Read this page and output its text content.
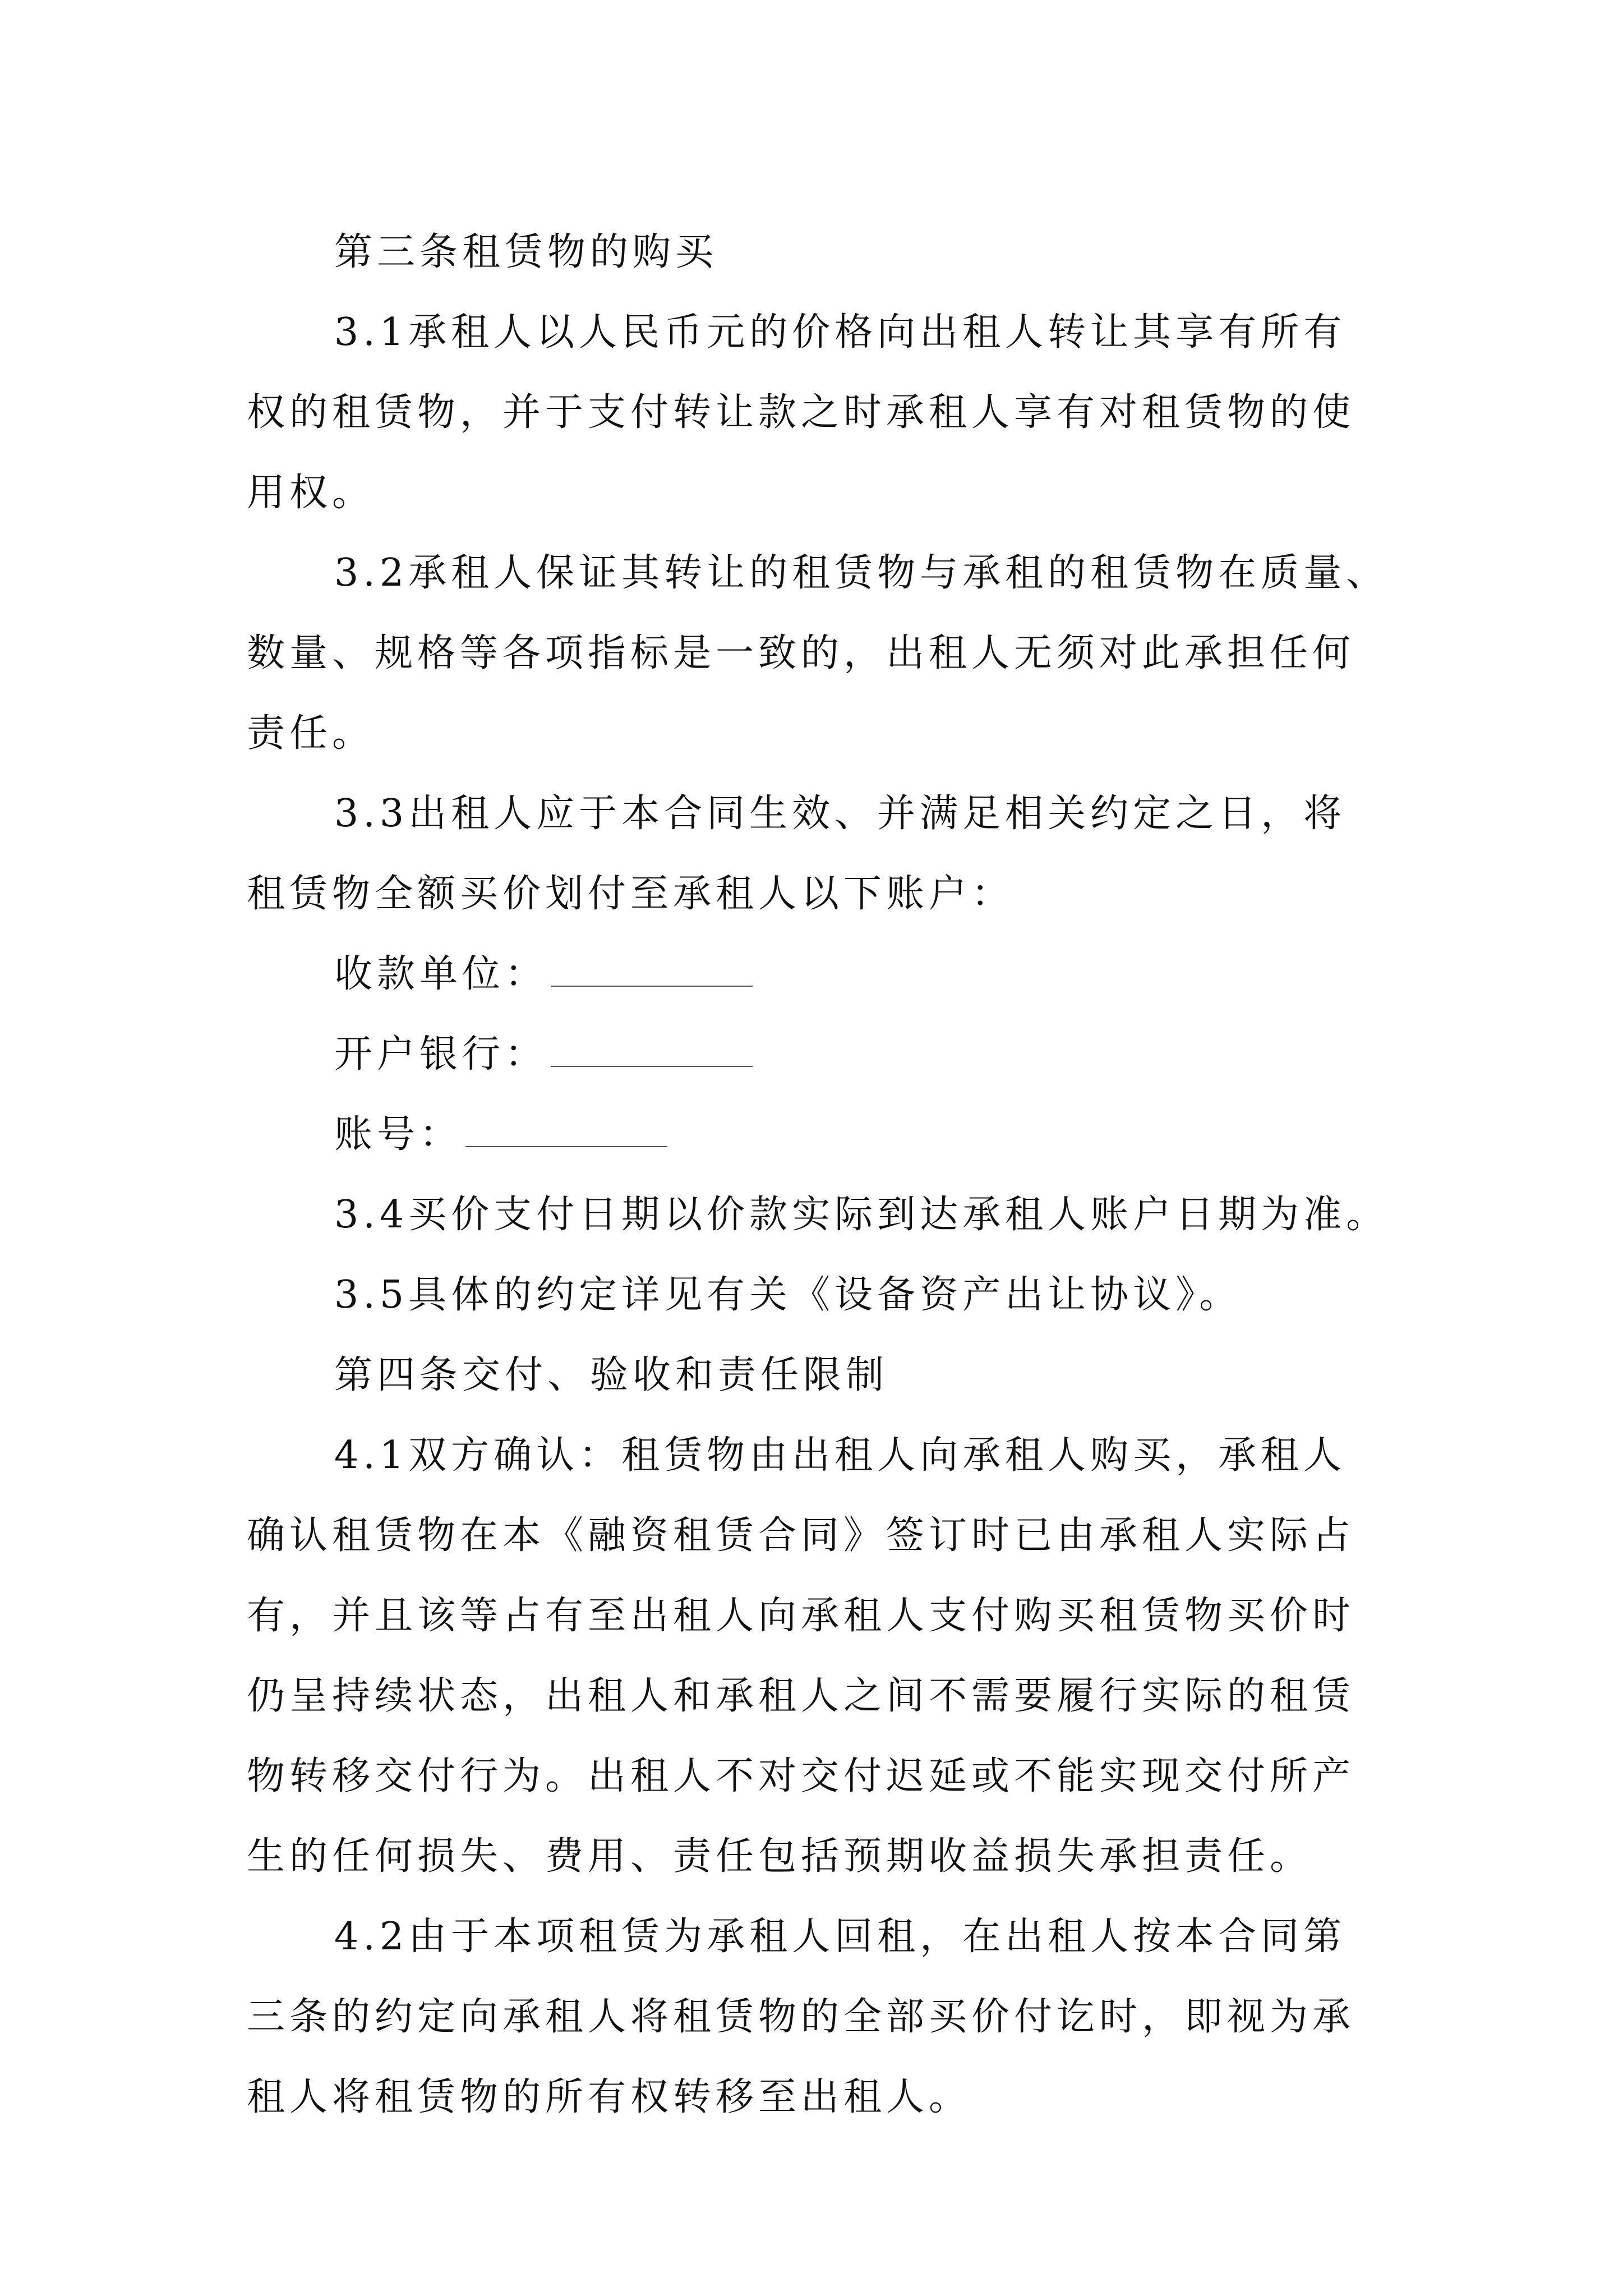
第三条租赁物的购买
3.1承租人以人民币元的价格向出租人转让其享有所有
权的租赁物，并于支付转让款之时承租人享有对租赁物的使
用权。
3.2承租人保证其转让的租赁物与承租的租赁物在质量、
数量、规格等各项指标是一致的，出租人无须对此承担任何
责任。
3.3出租人应于本合同生效、并满足相关约定之日，将
租赁物全额买价划付至承租人以下账户：
收款单位：
开户银行：
账号：
3.4买价支付日期以价款实际到达承租人账户日期为准。
3.5具体的约定详见有关《设备资产出让协议》。
第四条交付、验收和责任限制
4.1双方确认：租赁物由出租人向承租人购买，承租人
确认租赁物在本《融资租赁合同》签订时已由承租人实际占
有，并且该等占有至出租人向承租人支付购买租赁物买价时
仍呈持续状态，出租人和承租人之间不需要履行实际的租赁
物转移交付行为。出租人不对交付迟延或不能实现交付所产
生的任何损失、费用、责任包括预期收益损失承担责任。
4.2由于本项租赁为承租人回租，在出租人按本合同第
三条的约定向承租人将租赁物的全部买价付讫时，即视为承
租人将租赁物的所有权转移至出租人。
